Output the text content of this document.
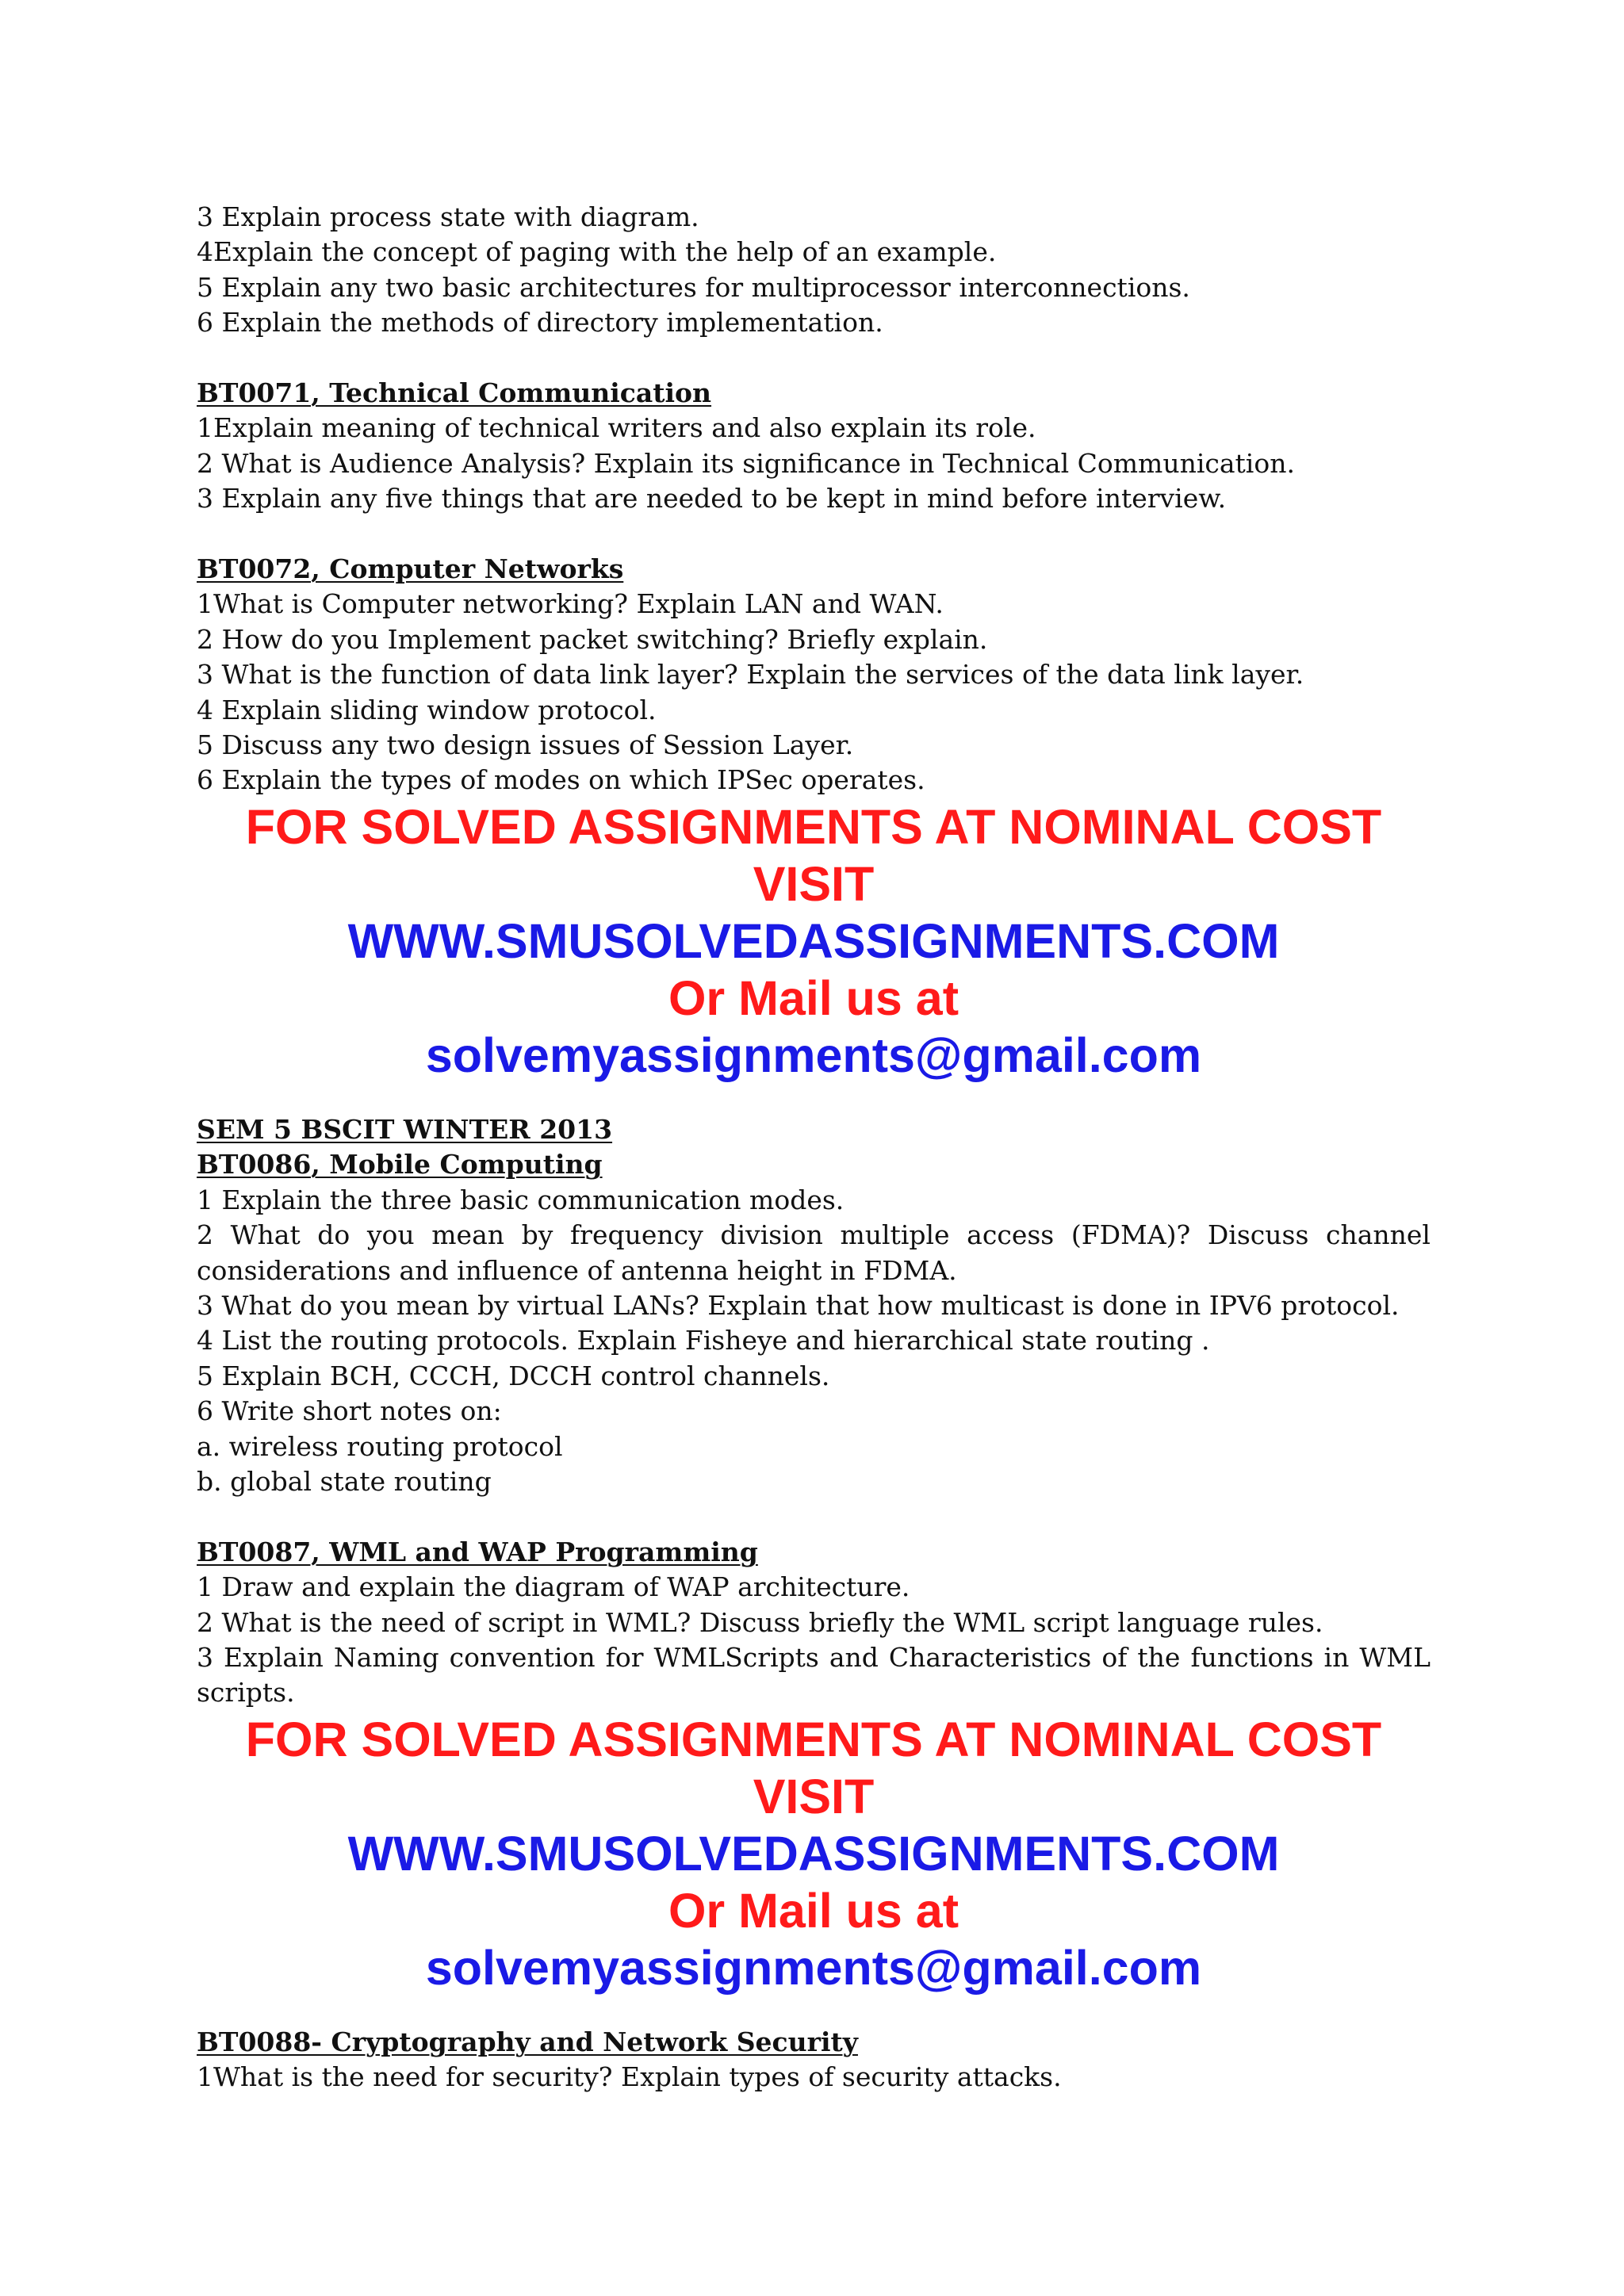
3 Explain process state with diagram.
4Explain the concept of paging with the help of an example.
5 Explain any two basic architectures for multiprocessor interconnections.
6 Explain the methods of directory implementation.
BT0071, Technical Communication
1Explain meaning of technical writers and also explain its role.
2 What is Audience Analysis? Explain its significance in Technical Communication.
3 Explain any five things that are needed to be kept in mind before interview.
BT0072, Computer Networks
1What is Computer networking? Explain LAN and WAN.
2 How do you Implement packet switching? Briefly explain.
3 What is the function of data link layer? Explain the services of the data link layer.
4 Explain sliding window protocol.
5 Discuss any two design issues of Session Layer.
6 Explain the types of modes on which IPSec operates.
FOR SOLVED ASSIGNMENTS AT NOMINAL COST
VISIT
WWW.SMUSOLVEDASSIGNMENTS.COM
Or Mail us at
solvemyassignments@gmail.com
SEM 5 BSCIT WINTER 2013
BT0086, Mobile Computing
1 Explain the three basic communication modes.
2 What do you mean by frequency division multiple access (FDMA)? Discuss channel
considerations and influence of antenna height in FDMA.
3 What do you mean by virtual LANs? Explain that how multicast is done in IPV6 protocol.
4 List the routing protocols. Explain Fisheye and hierarchical state routing .
5 Explain BCH, CCCH, DCCH control channels.
6 Write short notes on:
a. wireless routing protocol
b. global state routing
BT0087, WML and WAP Programming
1 Draw and explain the diagram of WAP architecture.
2 What is the need of script in WML? Discuss briefly the WML script language rules.
3 Explain Naming convention for WMLScripts and Characteristics of the functions in WML
scripts.
FOR SOLVED ASSIGNMENTS AT NOMINAL COST
VISIT
WWW.SMUSOLVEDASSIGNMENTS.COM
Or Mail us at
solvemyassignments@gmail.com
BT0088- Cryptography and Network Security
1What is the need for security? Explain types of security attacks.
